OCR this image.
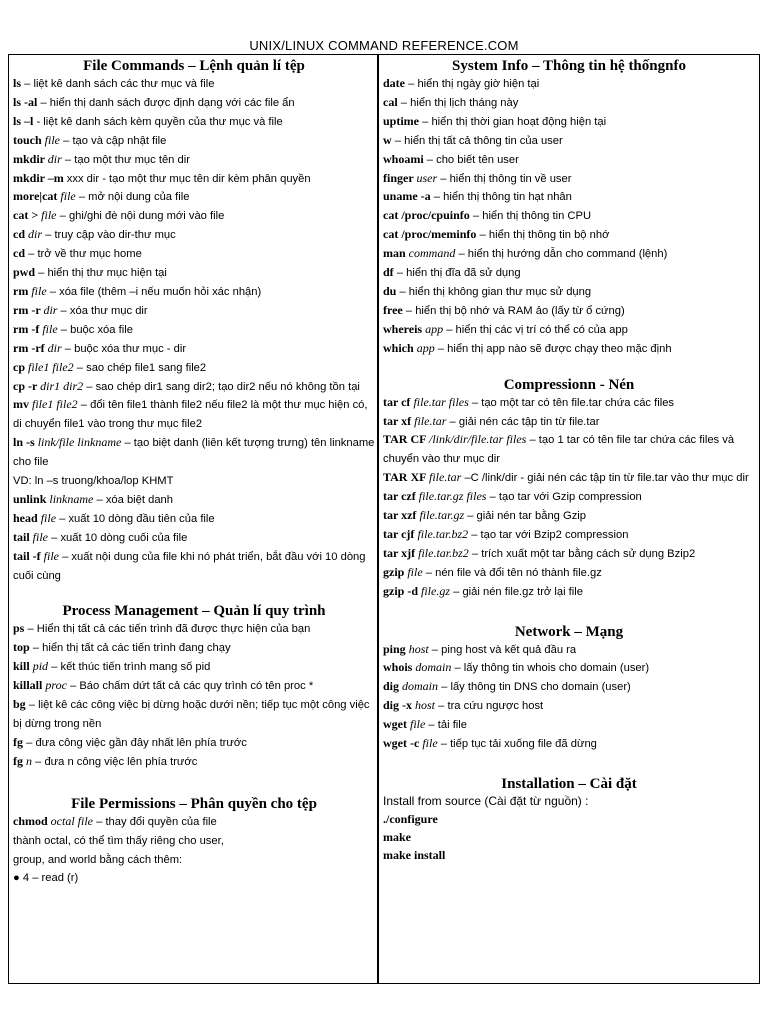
UNIX/LINUX COMMAND REFERENCE.COM
File Commands – Lệnh quản lí tệp
ls – liệt kê danh sách các thư mục và file
ls -al – hiển thị danh sách được định dạng với các file ẩn
ls –l - liệt kê danh sách kèm quyền của thư mục và file
touch file – tạo và cập nhật file
mkdir dir – tạo một thư mục tên dir
mkdir –m xxx dir - tạo một thư mục tên dir kèm phân quyền
more|cat file – mở nội dung của file
cat > file – ghi/ghi đè nội dung mới vào file
cd dir – truy cập vào dir-thư mục
cd – trở về thư mục home
pwd – hiển thị thư mục hiện tại
rm file – xóa file (thêm –i nếu muốn hỏi xác nhận)
rm -r dir – xóa thư mục dir
rm -f file – buộc xóa file
rm -rf dir – buộc xóa thư mục - dir
cp file1 file2 – sao chép file1 sang file2
cp -r dir1 dir2 – sao chép dir1 sang dir2; tạo dir2 nếu nó không tồn tại
mv file1 file2 – đổi tên file1 thành file2 nếu file2 là một thư mục hiện có, di chuyển file1 vào trong thư mục file2
ln -s link/file linkname – tạo biệt danh (liên kết tượng trưng) tên linkname cho file
VD: ln –s truong/khoa/lop KHMT
unlink linkname – xóa biệt danh
head file – xuất 10 dòng đầu tiên của file
tail file – xuất 10 dòng cuối của file
tail -f file – xuất nội dung của file khi nó phát triển, bắt đầu với 10 dòng cuối cùng
Process Management – Quản lí quy trình
ps – Hiển thị tất cả các tiến trình đã được thực hiện của bạn
top – hiển thị tất cả các tiến trình đang chạy
kill pid – kết thúc tiến trình mang số pid
killall proc – Báo chấm dứt tất cả các quy trình có tên proc *
bg – liệt kê các công việc bị dừng hoặc dưới nền; tiếp tục một công việc bị dừng trong nền
fg – đưa công việc gần đây nhất lên phía trước
fg n – đưa n công việc lên phía trước
File Permissions – Phân quyền cho tệp
chmod octal file – thay đổi quyền của file
thành octal, có thể tìm thấy riêng cho user,
group, and world bằng cách thêm:
● 4 – read (r)
System Info – Thông tin hệ thốngnfo
date – hiển thị ngày giờ hiện tại
cal – hiển thị lịch tháng này
uptime – hiển thị thời gian hoạt động hiện tại
w – hiển thị tất cả thông tin của user
whoami – cho biết tên user
finger user – hiển thị thông tin về user
uname -a – hiển thị thông tin hạt nhân
cat /proc/cpuinfo – hiển thị thông tin CPU
cat /proc/meminfo – hiển thị thông tin bộ nhớ
man command – hiển thị hướng dẫn cho command (lệnh)
df – hiển thị đĩa đã sử dụng
du – hiển thị không gian thư mục sử dụng
free – hiển thị bộ nhớ và RAM ảo (lấy từ ổ cứng)
whereis app – hiển thị các vị trí có thể có của app
which app – hiển thị app nào sẽ được chạy theo mặc định
Compressionn - Nén
tar cf file.tar files – tạo một tar có tên file.tar chứa các files
tar xf file.tar – giải nén các tập tin từ file.tar
TAR CF /link/dir/file.tar files – tạo 1 tar có tên file tar chứa các files và chuyển vào thư mục dir
TAR XF file.tar –C /link/dir - giải nén các tập tin từ file.tar vào thư mục dir
tar czf file.tar.gz files – tạo tar với Gzip compression
tar xzf file.tar.gz – giải nén tar bằng Gzip
tar cjf file.tar.bz2 – tạo tar với Bzip2 compression
tar xjf file.tar.bz2 – trích xuất một tar bằng cách sử dụng Bzip2
gzip file – nén file và đổi tên nó thành file.gz
gzip -d file.gz – giải nén file.gz trở lại file
Network – Mạng
ping host – ping host và kết quả đầu ra
whois domain – lấy thông tin whois cho domain (user)
dig domain – lấy thông tin DNS cho domain (user)
dig -x host – tra cứu ngược host
wget file – tải file
wget -c file – tiếp tục tải xuống file đã dừng
Installation – Cài đặt
Install from source (Cài đặt từ nguồn) :
./configure
make
make install
